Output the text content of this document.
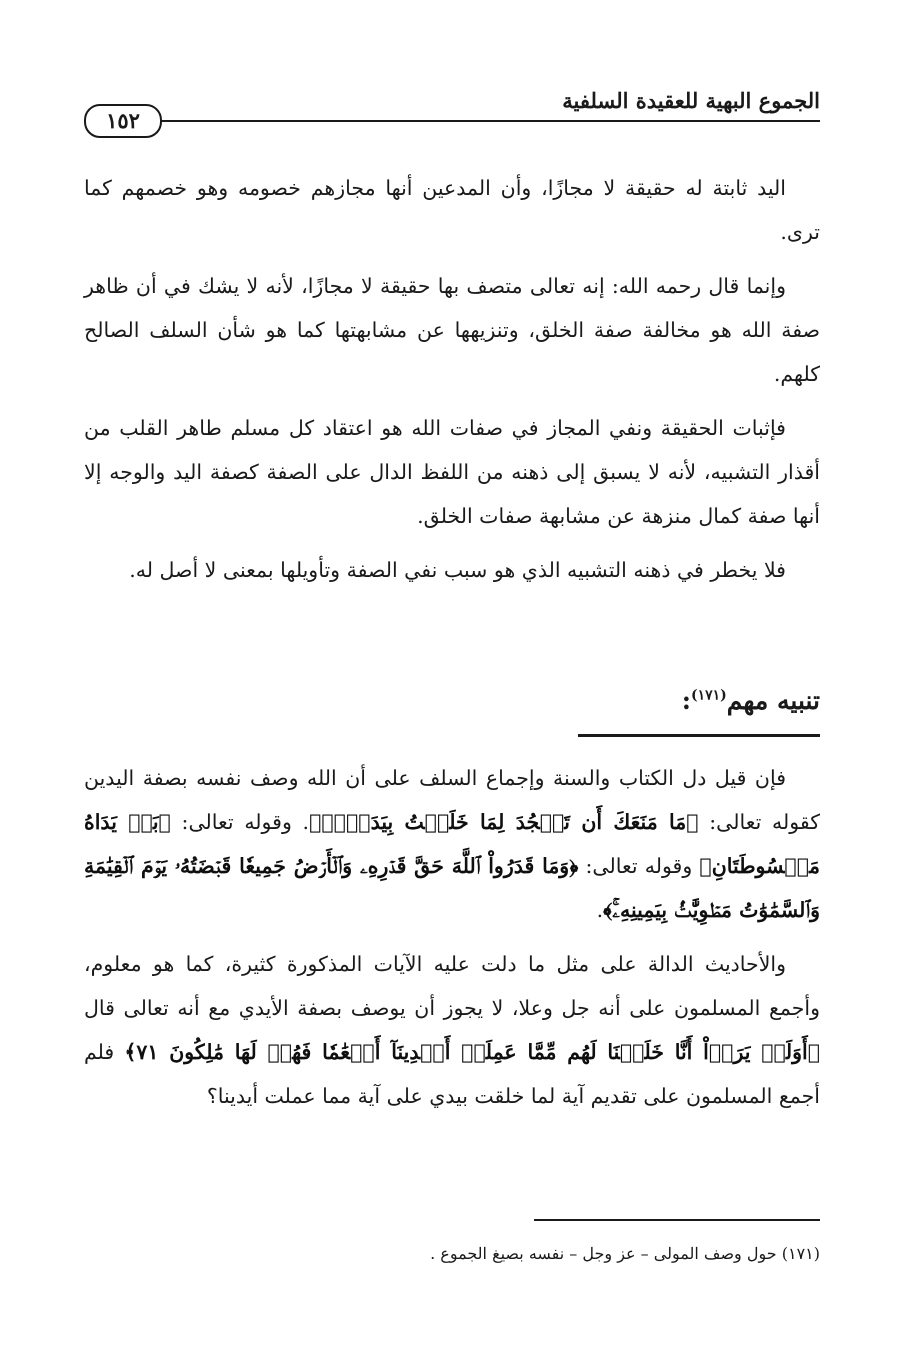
الجموع البهية للعقيدة السلفية
١٥٢

اليد ثابتة له حقيقة لا مجازًا، وأن المدعين أنها مجازهم خصومه وهو خصمهم كما ترى.

وإنما قال رحمه الله: إنه تعالى متصف بها حقيقة لا مجازًا، لأنه لا يشك في أن ظاهر صفة الله هو مخالفة صفة الخلق، وتنزيهها عن مشابهتها كما هو شأن السلف الصالح كلهم.

فإثبات الحقيقة ونفي المجاز في صفات الله هو اعتقاد كل مسلم طاهر القلب من أقذار التشبيه، لأنه لا يسبق إلى ذهنه من اللفظ الدال على الصفة كصفة اليد والوجه إلا أنها صفة كمال منزهة عن مشابهة صفات الخلق.

فلا يخطر في ذهنه التشبيه الذي هو سبب نفي الصفة وتأويلها بمعنى لا أصل له.

تنبيه مهم$^{(١٧١)}$:

فإن قيل دل الكتاب والسنة وإجماع السلف على أن الله وصف نفسه بصفة اليدين كقوله تعالى: ﴿مَا مَنَعَكَ أَن تَسۡجُدَ لِمَا خَلَقۡتُ بِيَدَيَّۖ﴾. وقوله تعالى: ﴿بَلۡ يَدَاهُ مَبۡسُوطَتَانِ﴾ وقوله تعالى: ﴿وَمَا قَدَرُواْ ٱللَّهَ حَقَّ قَدۡرِهِۦ وَٱلۡأَرۡضُ جَمِيعٗا قَبۡضَتُهُۥ يَوۡمَ ٱلۡقِيَٰمَةِ وَٱلسَّمَٰوَٰتُ مَطۡوِيَّٰتُۢ بِيَمِينِهِۦۚ﴾.

والأحاديث الدالة على مثل ما دلت عليه الآيات المذكورة كثيرة، كما هو معلوم، وأجمع المسلمون على أنه جل وعلا، لا يجوز أن يوصف بصفة الأيدي مع أنه تعالى قال ﴿أَوَلَمۡ يَرَوۡاْ أَنَّا خَلَقۡنَا لَهُم مِّمَّا عَمِلَتۡ أَيۡدِينَآ أَنۡعَٰمٗا فَهُمۡ لَهَا مَٰلِكُونَ ٧١﴾ فلم أجمع المسلمون على تقديم آية لما خلقت بيدي على آية مما عملت أيدينا؟

(١٧١) حول وصف المولى – عز وجل – نفسه بصيغ الجموع .
